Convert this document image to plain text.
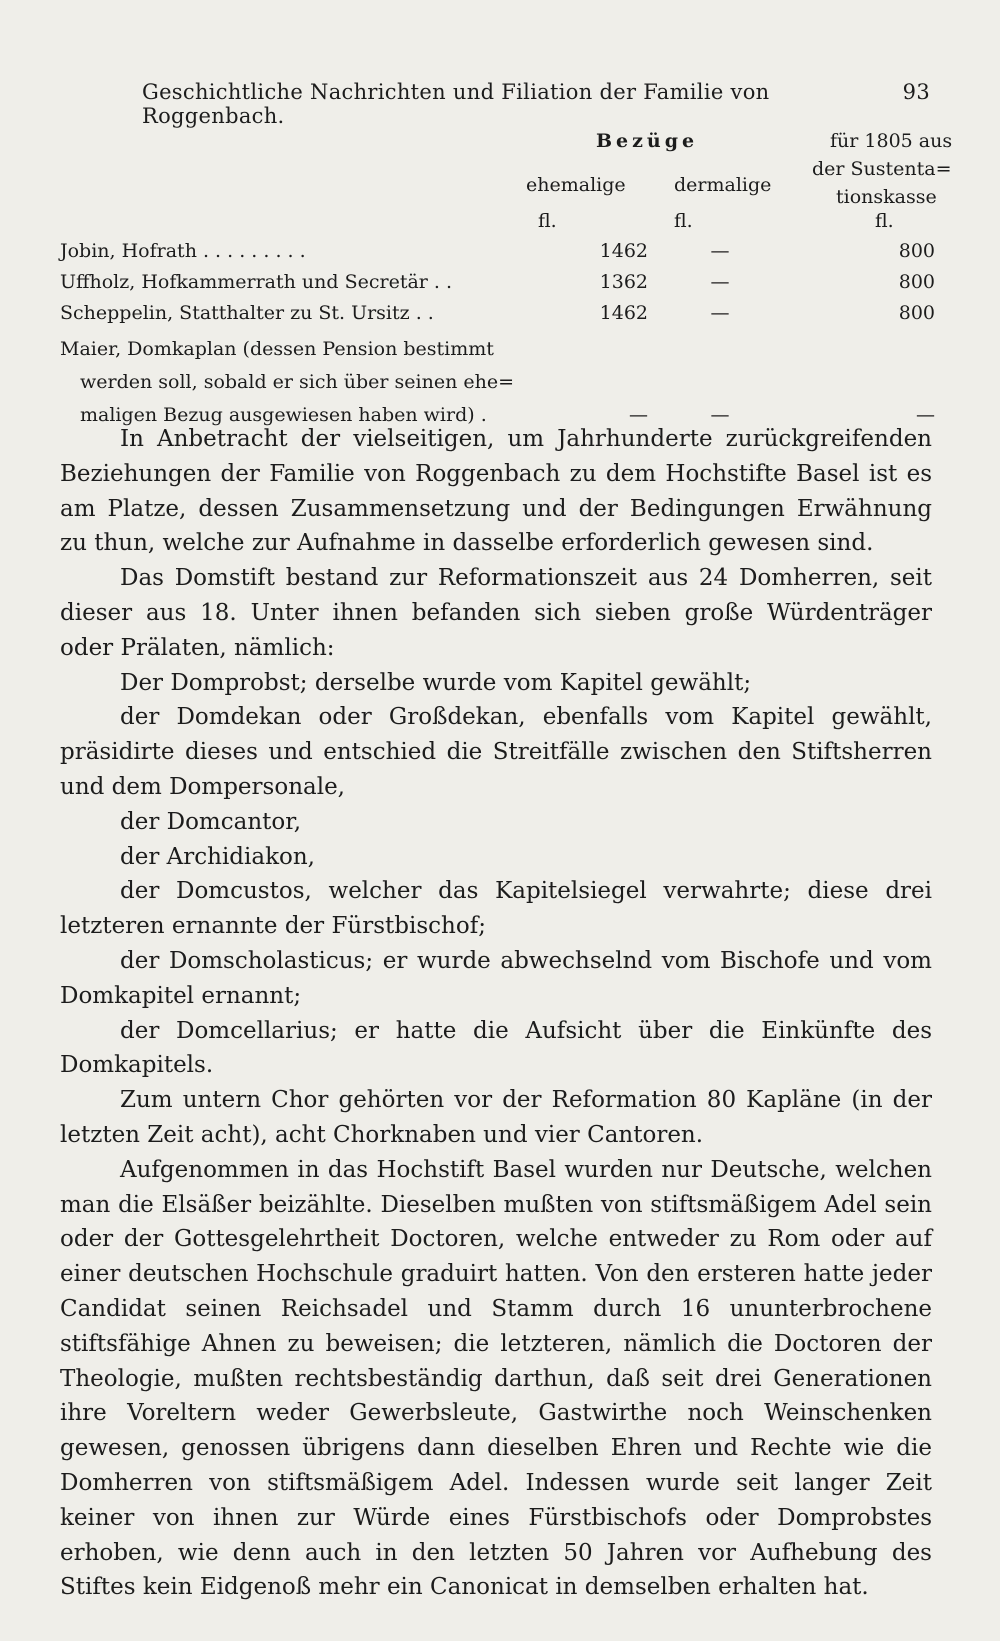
Geschichtliche Nachrichten und Filiation der Familie von Roggenbach.
93
Bezüge	für 1805 aus
der Sustenta=
tionskasse
ehemalige	dermalige
fl.	fl.	fl.
Jobin, Hofrath . . . . . . . . .	1462	—	800
Uffholz, Hofkammerrath und Secretär . .	1362	—	800
Scheppelin, Statthalter zu St. Ursitz . .	1462	—	800
Maier, Domkaplan (dessen Pension bestimmt
werden soll, sobald er sich über seinen ehe=
maligen Bezug ausgewiesen haben wird) .	—	—	—

In Anbetracht der vielseitigen, um Jahrhunderte zurückgreifenden Beziehungen der Familie von Roggenbach zu dem Hochstifte Basel ist es am Platze, dessen Zusammensetzung und der Bedingungen Erwähnung zu thun, welche zur Aufnahme in dasselbe erforderlich gewesen sind.

Das Domstift bestand zur Reformationszeit aus 24 Domherren, seit dieser aus 18. Unter ihnen befanden sich sieben große Würdenträger oder Prälaten, nämlich:

Der Domprobst; derselbe wurde vom Kapitel gewählt;

der Domdekan oder Großdekan, ebenfalls vom Kapitel gewählt, präsidirte dieses und entschied die Streitfälle zwischen den Stiftsherren und dem Dompersonale,

der Domcantor,

der Archidiakon,

der Domcustos, welcher das Kapitelsiegel verwahrte; diese drei letzteren ernannte der Fürstbischof;

der Domscholasticus; er wurde abwechselnd vom Bischofe und vom Domkapitel ernannt;

der Domcellarius; er hatte die Aufsicht über die Einkünfte des Domkapitels.

Zum untern Chor gehörten vor der Reformation 80 Kapläne (in der letzten Zeit acht), acht Chorknaben und vier Cantoren.

Aufgenommen in das Hochstift Basel wurden nur Deutsche, welchen man die Elsäßer beizählte. Dieselben mußten von stiftsmäßigem Adel sein oder der Gottesgelehrtheit Doctoren, welche entweder zu Rom oder auf einer deutschen Hochschule graduirt hatten. Von den ersteren hatte jeder Candidat seinen Reichsadel und Stamm durch 16 ununterbrochene stiftsfähige Ahnen zu beweisen; die letzteren, nämlich die Doctoren der Theologie, mußten rechtsbeständig darthun, daß seit drei Generationen ihre Voreltern weder Gewerbsleute, Gastwirthe noch Weinschenken gewesen, genossen übrigens dann dieselben Ehren und Rechte wie die Domherren von stiftsmäßigem Adel. Indessen wurde seit langer Zeit keiner von ihnen zur Würde eines Fürstbischofs oder Domprobstes erhoben, wie denn auch in den letzten 50 Jahren vor Aufhebung des Stiftes kein Eidgenoß mehr ein Canonicat in demselben erhalten hat.
